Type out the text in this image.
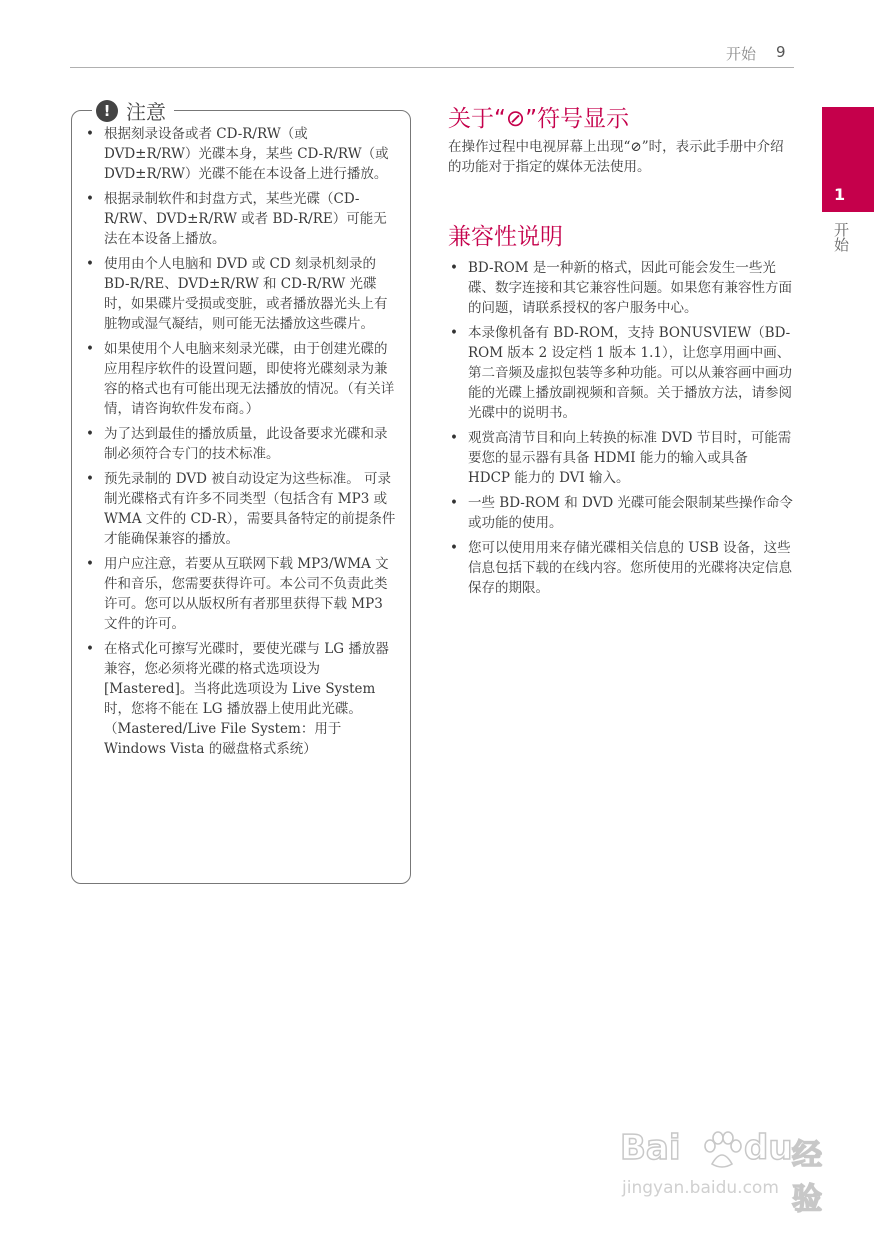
开始 9
1
开始
! 注意
• 根据刻录设备或者 CD-R/RW（或 DVD±R/RW）光碟本身，某些 CD-R/RW（或 DVD±R/RW）光碟不能在本设备上进行播放。
• 根据录制软件和封盘方式，某些光碟（CD-R/RW、DVD±R/RW 或者 BD-R/RE）可能无法在本设备上播放。
• 使用由个人电脑和 DVD 或 CD 刻录机刻录的 BD-R/RE、DVD±R/RW 和 CD-R/RW 光碟时，如果碟片受损或变脏，或者播放器光头上有脏物或湿气凝结，则可能无法播放这些碟片。
• 如果使用个人电脑来刻录光碟，由于创建光碟的应用程序软件的设置问题，即使将光碟刻录为兼容的格式也有可能出现无法播放的情况。（有关详情，请咨询软件发布商。）
• 为了达到最佳的播放质量，此设备要求光碟和录制必须符合专门的技术标准。
• 预先录制的 DVD 被自动设定为这些标准。 可录制光碟格式有许多不同类型（包括含有 MP3 或 WMA 文件的 CD-R），需要具备特定的前提条件才能确保兼容的播放。
• 用户应注意，若要从互联网下载 MP3/WMA 文件和音乐，您需要获得许可。本公司不负责此类许可。您可以从版权所有者那里获得下载 MP3 文件的许可。
• 在格式化可擦写光碟时，要使光碟与 LG 播放器兼容，您必须将光碟的格式选项设为 [Mastered]。当将此选项设为 Live System 时，您将不能在 LG 播放器上使用此光碟。（Mastered/Live File System：用于 Windows Vista 的磁盘格式系统）
关于“⊘”符号显示
在操作过程中电视屏幕上出现“⊘”时，表示此手册中介绍的功能对于指定的媒体无法使用。
兼容性说明
• BD-ROM 是一种新的格式，因此可能会发生一些光碟、数字连接和其它兼容性问题。如果您有兼容性方面的问题，请联系授权的客户服务中心。
• 本录像机备有 BD-ROM，支持 BONUSVIEW（BD-ROM 版本 2 设定档 1 版本 1.1），让您享用画中画、第二音频及虚拟包装等多种功能。可以从兼容画中画功能的光碟上播放副视频和音频。关于播放方法，请参阅光碟中的说明书。
• 观赏高清节目和向上转换的标准 DVD 节目时，可能需要您的显示器有具备 HDMI 能力的输入或具备 HDCP 能力的 DVI 输入。
• 一些 BD-ROM 和 DVD 光碟可能会限制某些操作命令或功能的使用。
• 您可以使用用来存储光碟相关信息的 USB 设备，这些信息包括下载的在线内容。您所使用的光碟将决定信息保存的期限。
Bai du 经验
jingyan.baidu.com
